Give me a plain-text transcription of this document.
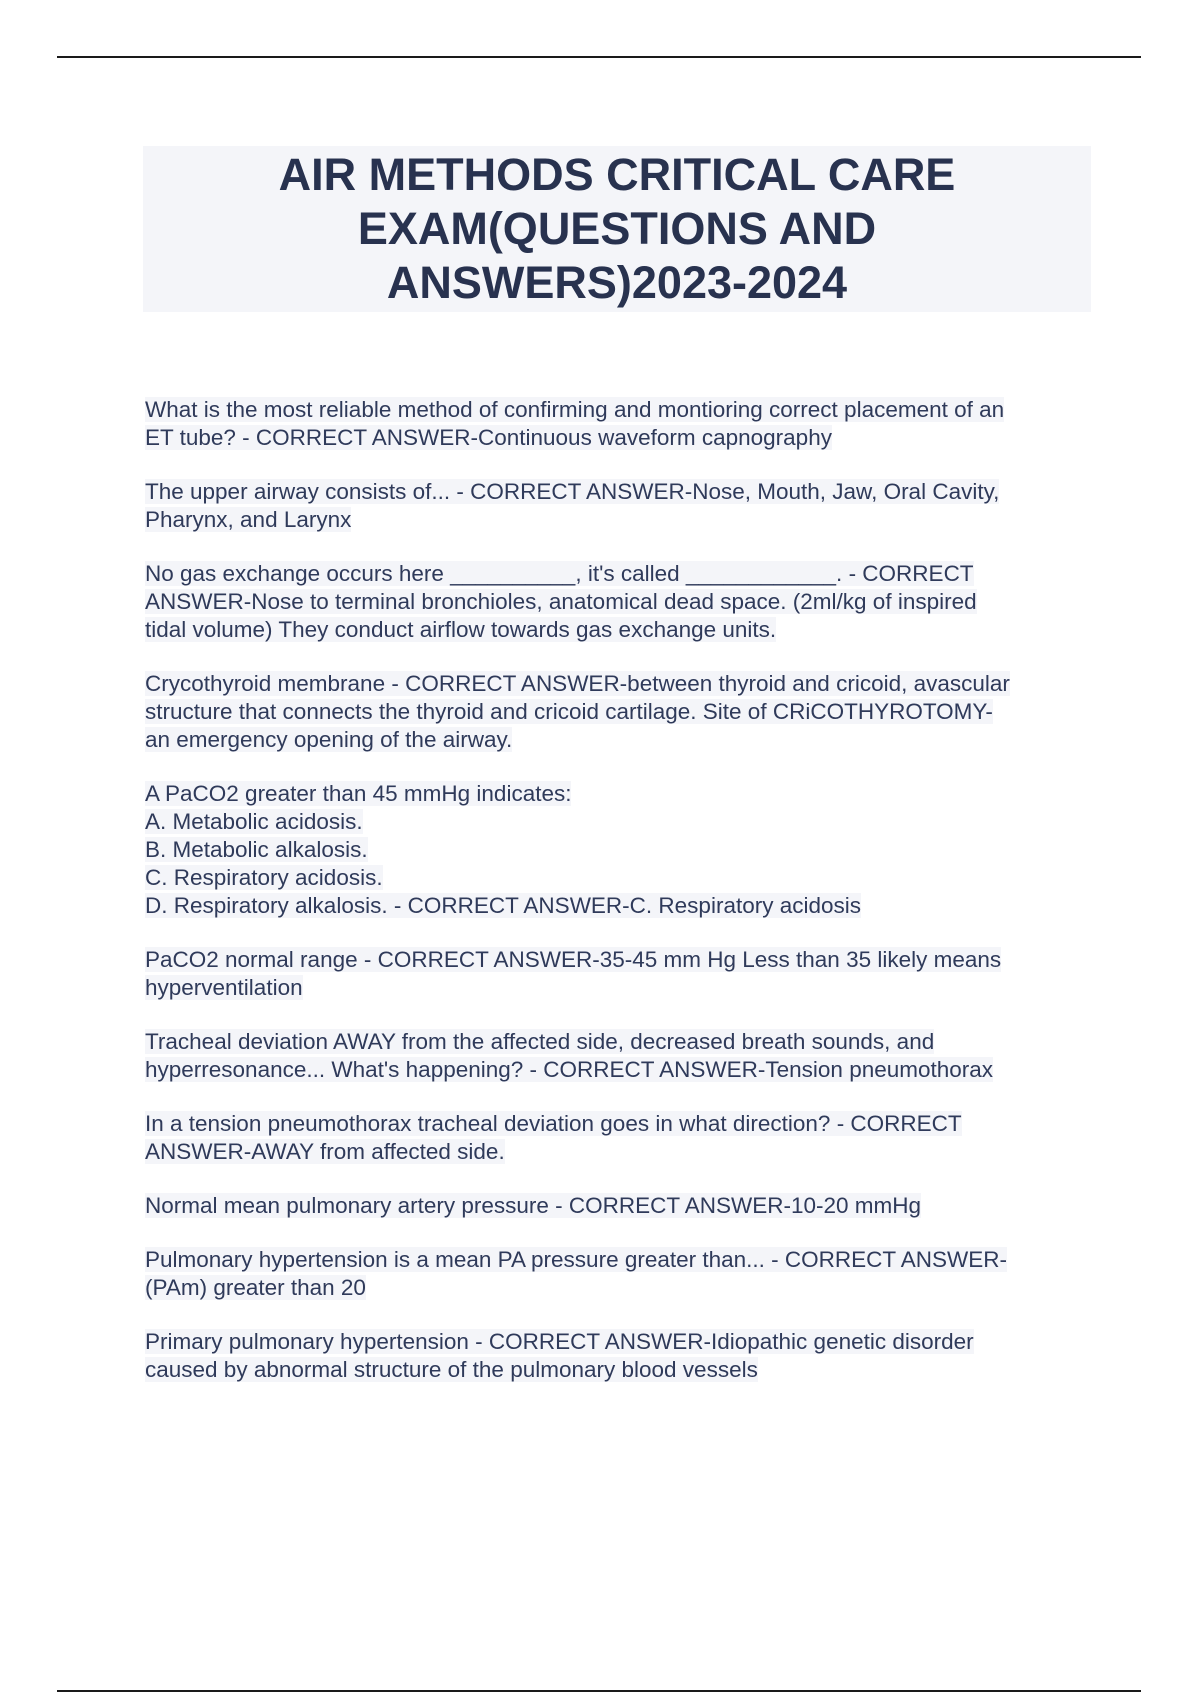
AIR METHODS CRITICAL CARE
EXAM(QUESTIONS AND
ANSWERS)2023-2024
What is the most reliable method of confirming and montioring correct placement of an
ET tube? - CORRECT ANSWER-Continuous waveform capnography
The upper airway consists of... - CORRECT ANSWER-Nose, Mouth, Jaw, Oral Cavity,
Pharynx, and Larynx
No gas exchange occurs here __________, it's called ____________. - CORRECT
ANSWER-Nose to terminal bronchioles, anatomical dead space. (2ml/kg of inspired
tidal volume) They conduct airflow towards gas exchange units.
Crycothyroid membrane - CORRECT ANSWER-between thyroid and cricoid, avascular
structure that connects the thyroid and cricoid cartilage. Site of CRiCOTHYROTOMY-
an emergency opening of the airway.
A PaCO2 greater than 45 mmHg indicates:
A. Metabolic acidosis.
B. Metabolic alkalosis.
C. Respiratory acidosis.
D. Respiratory alkalosis. - CORRECT ANSWER-C. Respiratory acidosis
PaCO2 normal range - CORRECT ANSWER-35-45 mm Hg Less than 35 likely means
hyperventilation
Tracheal deviation AWAY from the affected side, decreased breath sounds, and
hyperresonance... What's happening? - CORRECT ANSWER-Tension pneumothorax
In a tension pneumothorax tracheal deviation goes in what direction? - CORRECT
ANSWER-AWAY from affected side.
Normal mean pulmonary artery pressure - CORRECT ANSWER-10-20 mmHg
Pulmonary hypertension is a mean PA pressure greater than... - CORRECT ANSWER-
(PAm) greater than 20
Primary pulmonary hypertension - CORRECT ANSWER-Idiopathic genetic disorder
caused by abnormal structure of the pulmonary blood vessels
